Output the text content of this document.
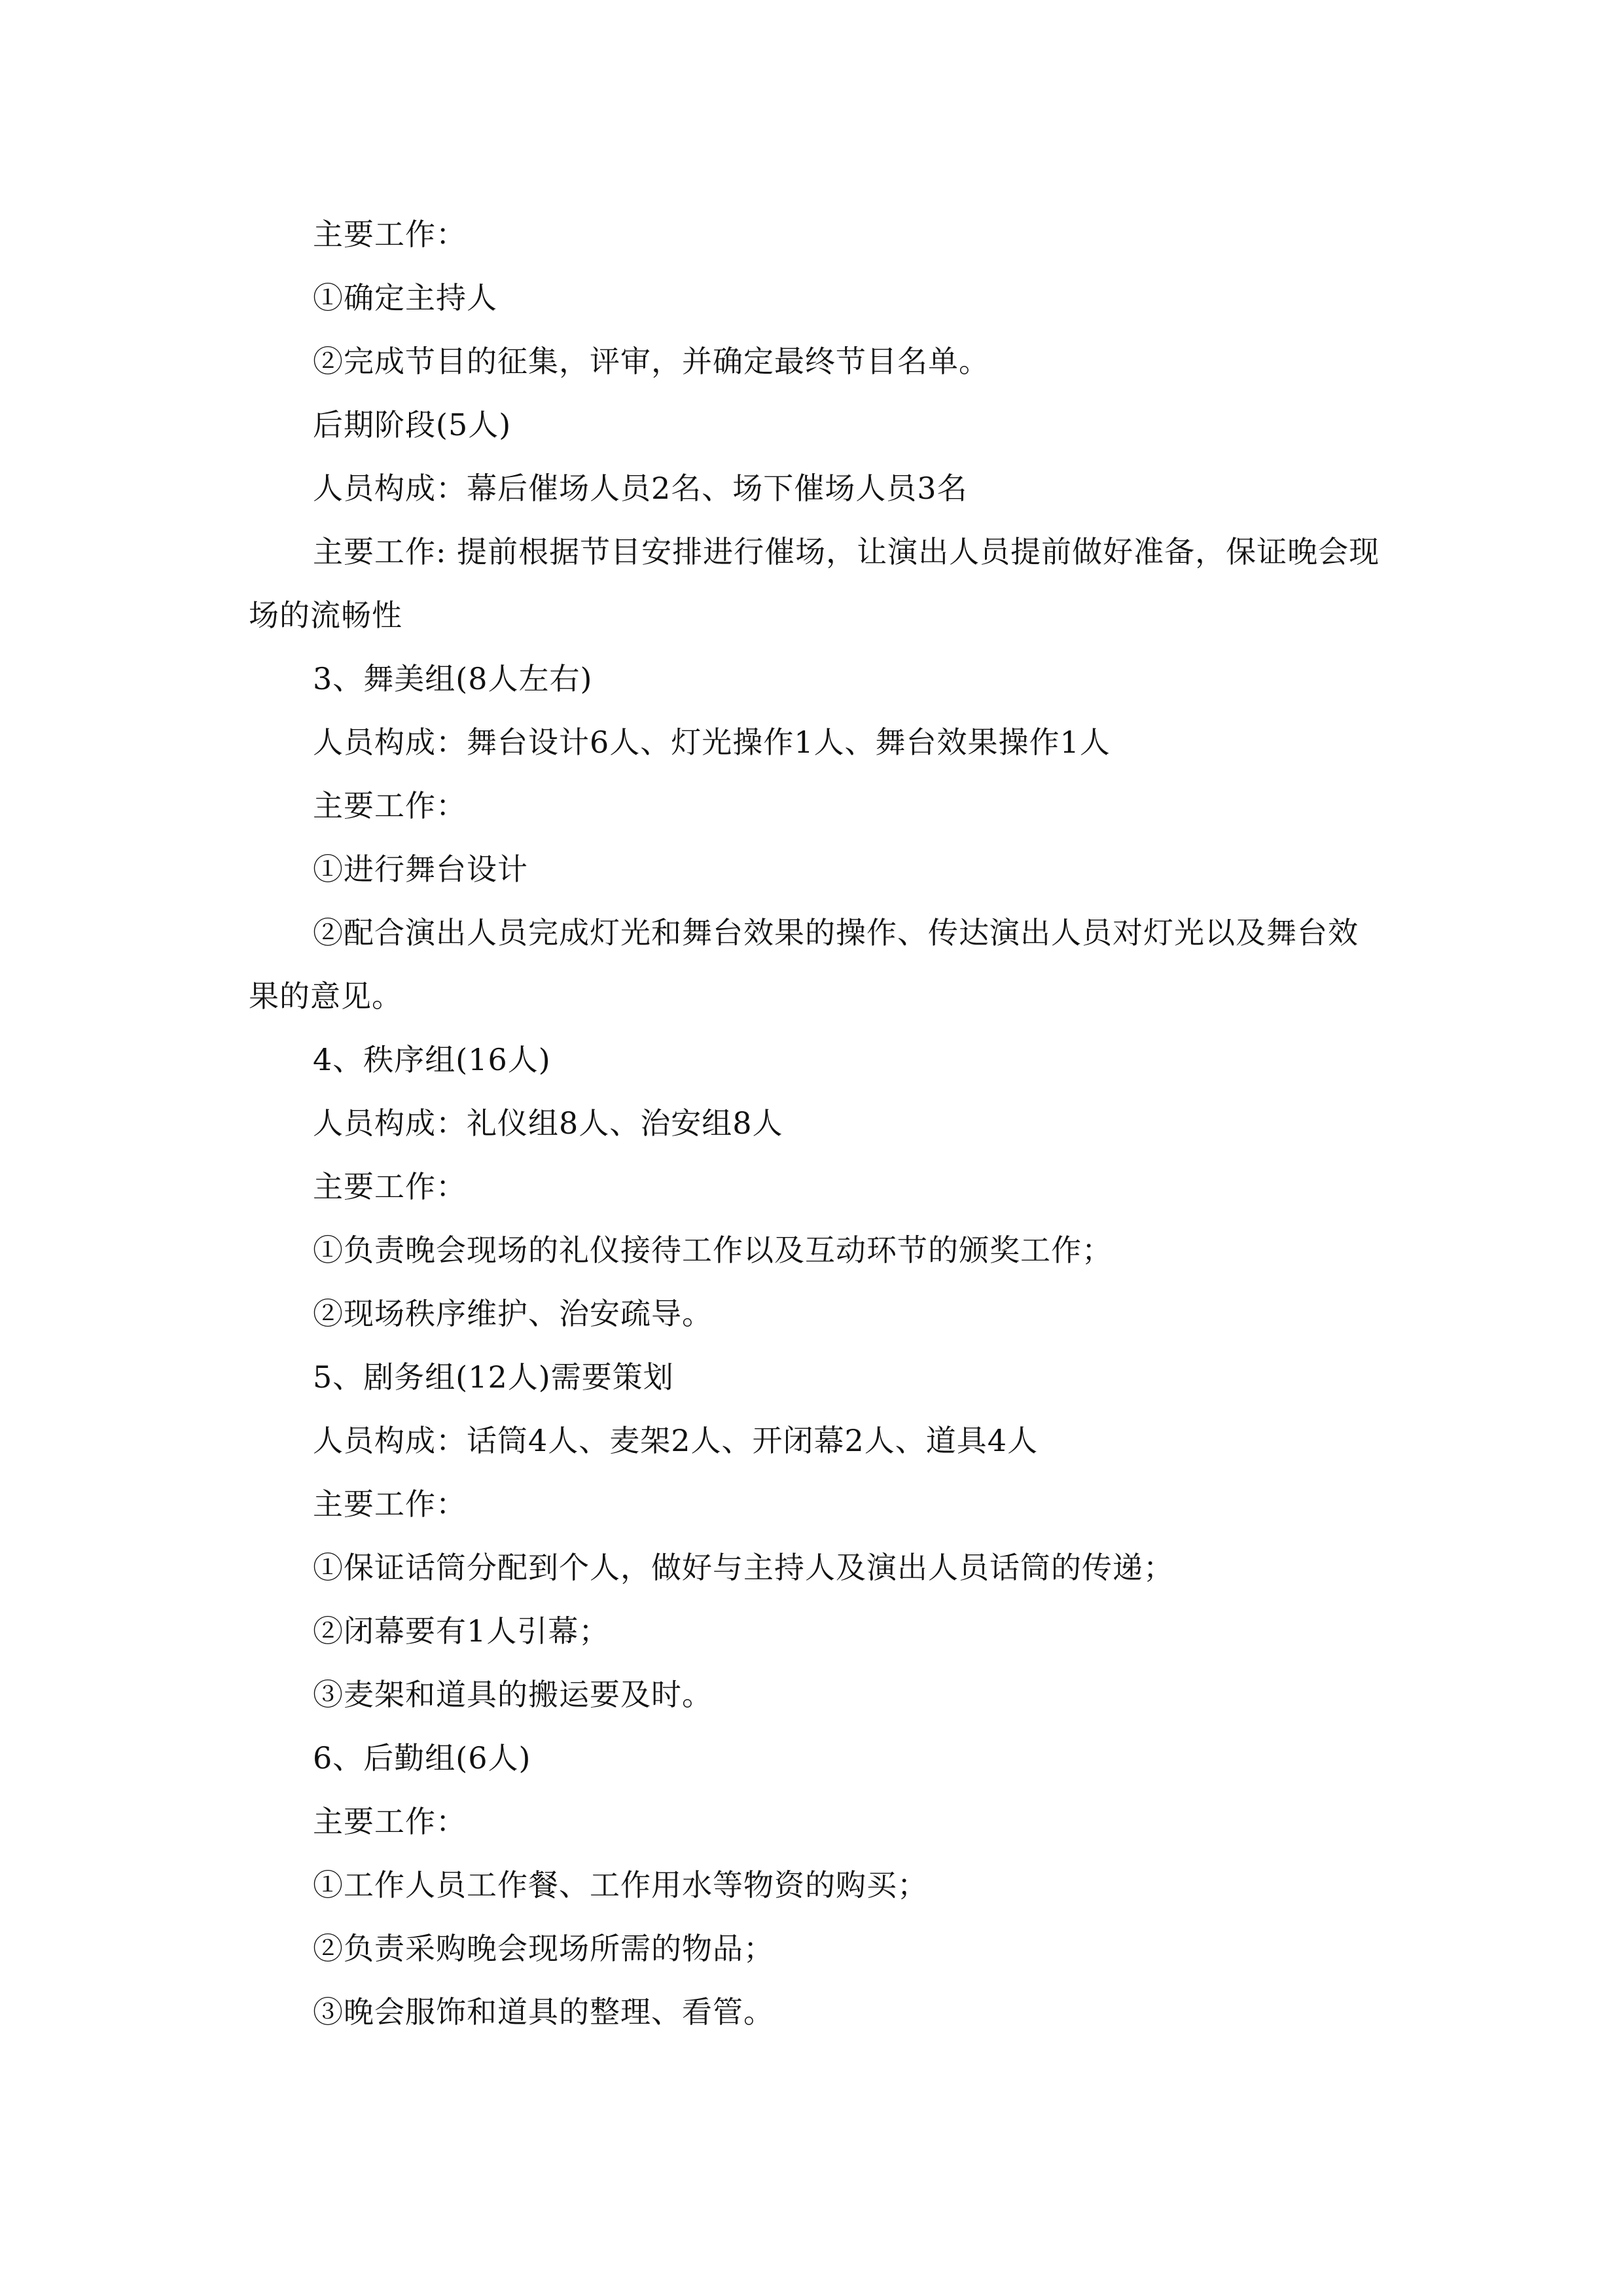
主要工作：

①确定主持人

②完成节目的征集，评审，并确定最终节目名单。

后期阶段(5人)

人员构成：幕后催场人员2名、场下催场人员3名

主要工作: 提前根据节目安排进行催场，让演出人员提前做好准备，保证晚会现场的流畅性

3、舞美组(8人左右)

人员构成：舞台设计6人、灯光操作1人、舞台效果操作1人

主要工作：

①进行舞台设计

②配合演出人员完成灯光和舞台效果的操作、传达演出人员对灯光以及舞台效果的意见。

4、秩序组(16人)

人员构成：礼仪组8人、治安组8人

主要工作：

①负责晚会现场的礼仪接待工作以及互动环节的颁奖工作；

②现场秩序维护、治安疏导。

5、剧务组(12人)需要策划

人员构成：话筒4人、麦架2人、开闭幕2人、道具4人

主要工作：

①保证话筒分配到个人，做好与主持人及演出人员话筒的传递；

②闭幕要有1人引幕；

③麦架和道具的搬运要及时。

6、后勤组(6人)

主要工作：

①工作人员工作餐、工作用水等物资的购买；

②负责采购晚会现场所需的物品；

③晚会服饰和道具的整理、看管。
